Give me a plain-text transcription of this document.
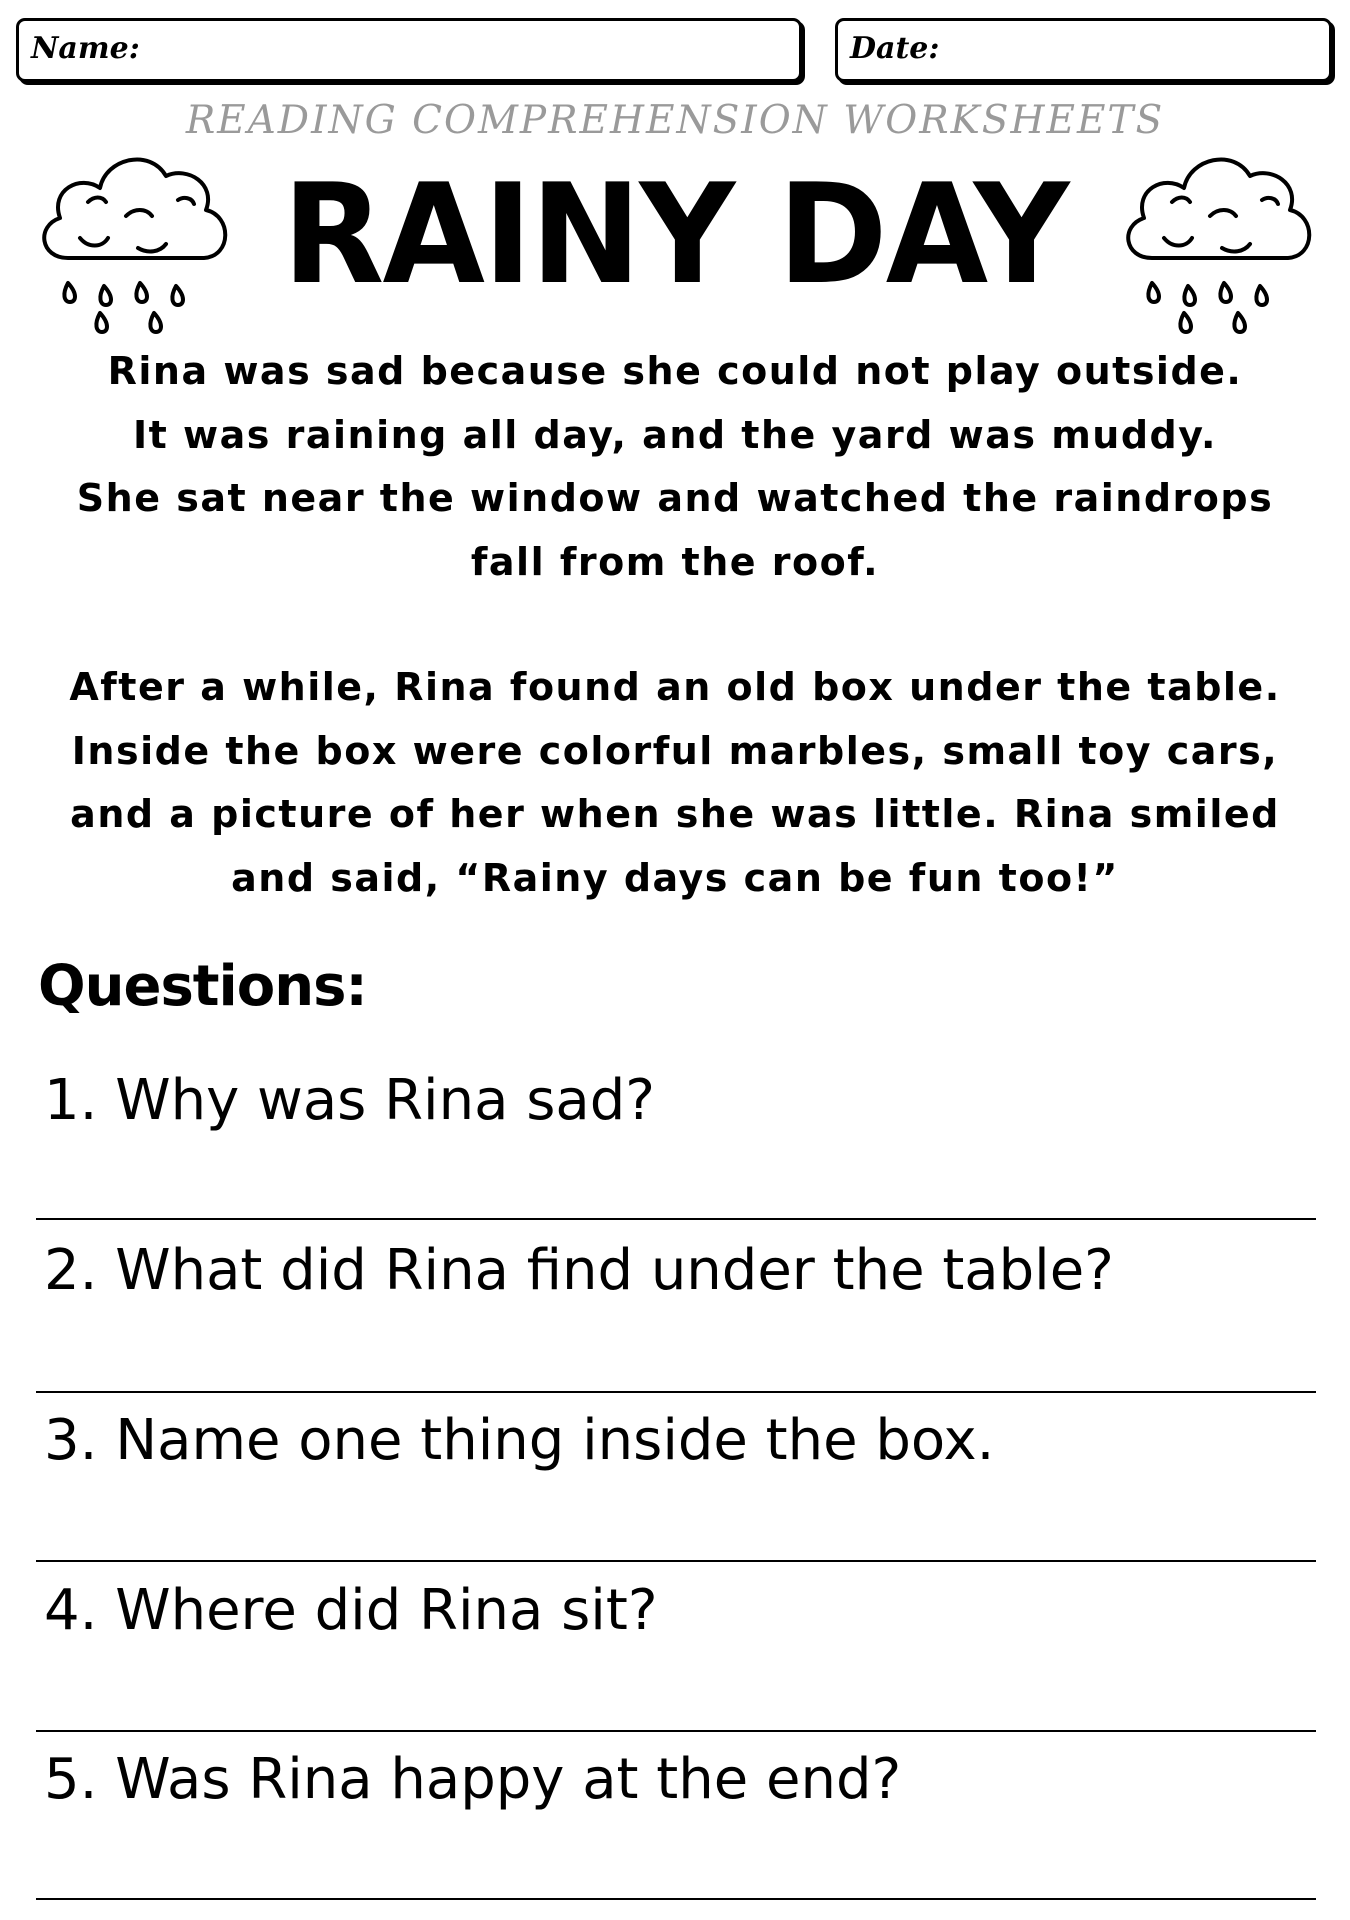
Name:	Date:
READING COMPREHENSION WORKSHEETS
RAINY DAY
Rina was sad because she could not play outside.
It was raining all day, and the yard was muddy.
She sat near the window and watched the raindrops
fall from the roof.
After a while, Rina found an old box under the table.
Inside the box were colorful marbles, small toy cars,
and a picture of her when she was little. Rina smiled
and said, “Rainy days can be fun too!”
Questions:
1. Why was Rina sad?
2. What did Rina find under the table?
3. Name one thing inside the box.
4. Where did Rina sit?
5. Was Rina happy at the end?
